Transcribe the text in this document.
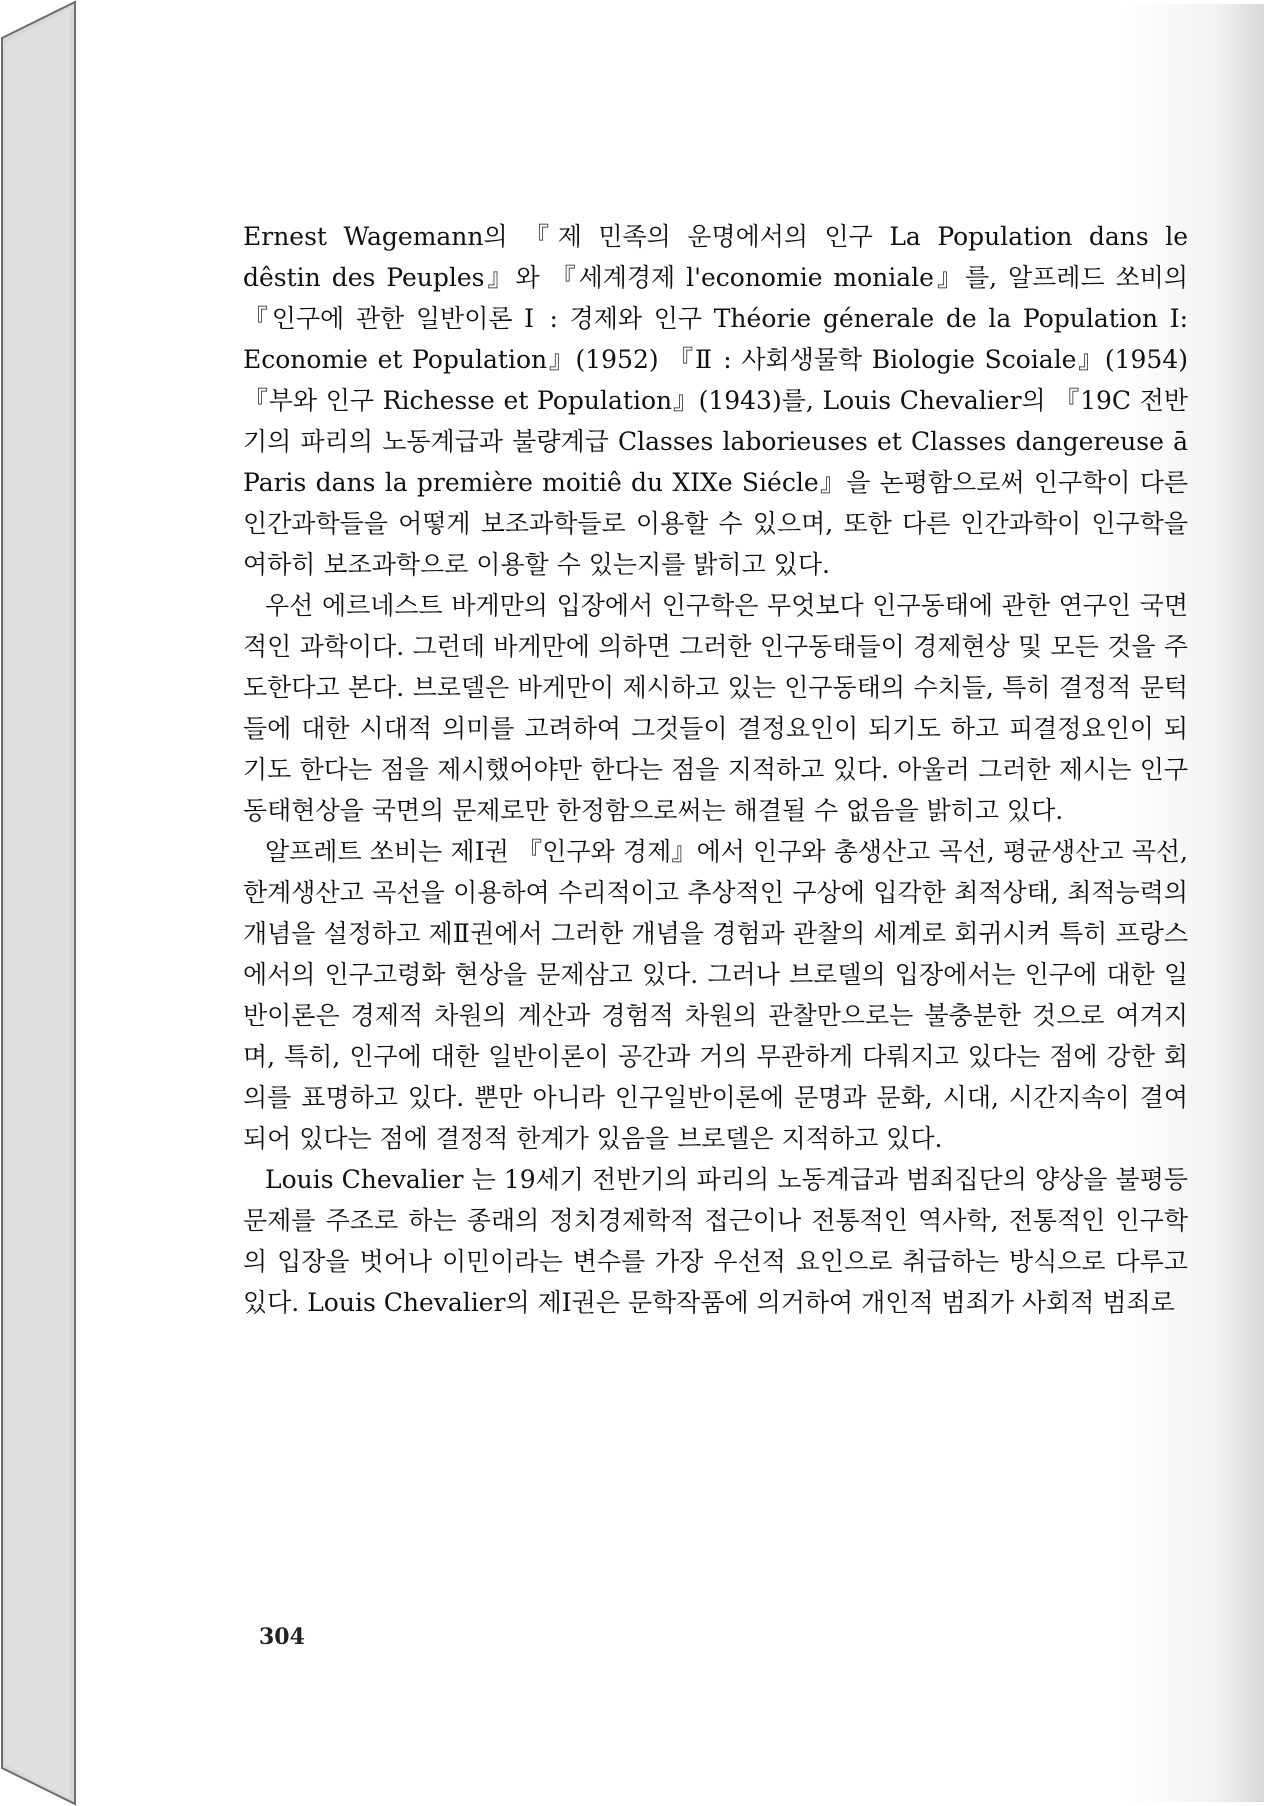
Ernest Wagemann의 『제 민족의 운명에서의 인구 La Population dans le dêstin des Peuples』와 『세계경제 l'economie moniale』를, 알프레드 쏘비의 『인구에 관한 일반이론 Ⅰ : 경제와 인구 Théorie génerale de la Population I: Economie et Population』(1952) 『Ⅱ : 사회생물학 Biologie Scoiale』(1954) 『부와 인구 Richesse et Population』(1943)를, Louis Chevalier의 『19C 전반기의 파리의 노동계급과 불량계급 Classes laborieuses et Classes dangereuse ā Paris dans la première moitiê du XIXe Siécle』을 논평함으로써 인구학이 다른 인간과학들을 어떻게 보조과학들로 이용할 수 있으며, 또한 다른 인간과학이 인구학을 여하히 보조과학으로 이용할 수 있는지를 밝히고 있다.

우선 에르네스트 바게만의 입장에서 인구학은 무엇보다 인구동태에 관한 연구인 국면적인 과학이다. 그런데 바게만에 의하면 그러한 인구동태들이 경제현상 및 모든 것을 주도한다고 본다. 브로델은 바게만이 제시하고 있는 인구동태의 수치들, 특히 결정적 문턱들에 대한 시대적 의미를 고려하여 그것들이 결정요인이 되기도 하고 피결정요인이 되기도 한다는 점을 제시했어야만 한다는 점을 지적하고 있다. 아울러 그러한 제시는 인구동태현상을 국면의 문제로만 한정함으로써는 해결될 수 없음을 밝히고 있다.

알프레트 쏘비는 제Ⅰ권 『인구와 경제』에서 인구와 총생산고 곡선, 평균생산고 곡선, 한계생산고 곡선을 이용하여 수리적이고 추상적인 구상에 입각한 최적상태, 최적능력의 개념을 설정하고 제Ⅱ권에서 그러한 개념을 경험과 관찰의 세계로 회귀시켜 특히 프랑스에서의 인구고령화 현상을 문제삼고 있다. 그러나 브로델의 입장에서는 인구에 대한 일반이론은 경제적 차원의 계산과 경험적 차원의 관찰만으로는 불충분한 것으로 여겨지며, 특히, 인구에 대한 일반이론이 공간과 거의 무관하게 다뤄지고 있다는 점에 강한 회의를 표명하고 있다. 뿐만 아니라 인구일반이론에 문명과 문화, 시대, 시간지속이 결여되어 있다는 점에 결정적 한계가 있음을 브로델은 지적하고 있다.

Louis Chevalier 는 19세기 전반기의 파리의 노동계급과 범죄집단의 양상을 불평등 문제를 주조로 하는 종래의 정치경제학적 접근이나 전통적인 역사학, 전통적인 인구학의 입장을 벗어나 이민이라는 변수를 가장 우선적 요인으로 취급하는 방식으로 다루고 있다. Louis Chevalier의 제Ⅰ권은 문학작품에 의거하여 개인적 범죄가 사회적 범죄로

304
